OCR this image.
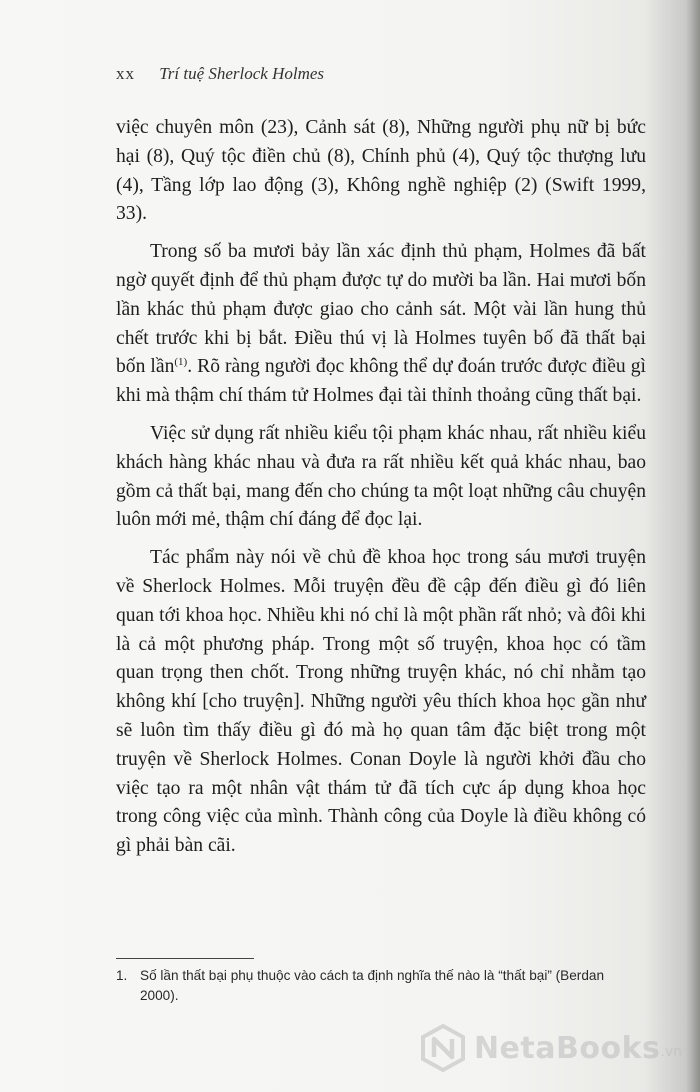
xx Trí tuệ Sherlock Holmes

việc chuyên môn (23), Cảnh sát (8), Những người phụ nữ bị bức hại (8), Quý tộc điền chủ (8), Chính phủ (4), Quý tộc thượng lưu (4), Tầng lớp lao động (3), Không nghề nghiệp (2) (Swift 1999, 33).

Trong số ba mươi bảy lần xác định thủ phạm, Holmes đã bất ngờ quyết định để thủ phạm được tự do mười ba lần. Hai mươi bốn lần khác thủ phạm được giao cho cảnh sát. Một vài lần hung thủ chết trước khi bị bắt. Điều thú vị là Holmes tuyên bố đã thất bại bốn lần$^{(1)}$. Rõ ràng người đọc không thể dự đoán trước được điều gì khi mà thậm chí thám tử Holmes đại tài thỉnh thoảng cũng thất bại.

Việc sử dụng rất nhiều kiểu tội phạm khác nhau, rất nhiều kiểu khách hàng khác nhau và đưa ra rất nhiều kết quả khác nhau, bao gồm cả thất bại, mang đến cho chúng ta một loạt những câu chuyện luôn mới mẻ, thậm chí đáng để đọc lại.

Tác phẩm này nói về chủ đề khoa học trong sáu mươi truyện về Sherlock Holmes. Mỗi truyện đều đề cập đến điều gì đó liên quan tới khoa học. Nhiều khi nó chỉ là một phần rất nhỏ; và đôi khi là cả một phương pháp. Trong một số truyện, khoa học có tầm quan trọng then chốt. Trong những truyện khác, nó chỉ nhằm tạo không khí [cho truyện]. Những người yêu thích khoa học gần như sẽ luôn tìm thấy điều gì đó mà họ quan tâm đặc biệt trong một truyện về Sherlock Holmes. Conan Doyle là người khởi đầu cho việc tạo ra một nhân vật thám tử đã tích cực áp dụng khoa học trong công việc của mình. Thành công của Doyle là điều không có gì phải bàn cãi.

1. Số lần thất bại phụ thuộc vào cách ta định nghĩa thế nào là “thất bại” (Berdan
2000).
NetaBooks .vn
